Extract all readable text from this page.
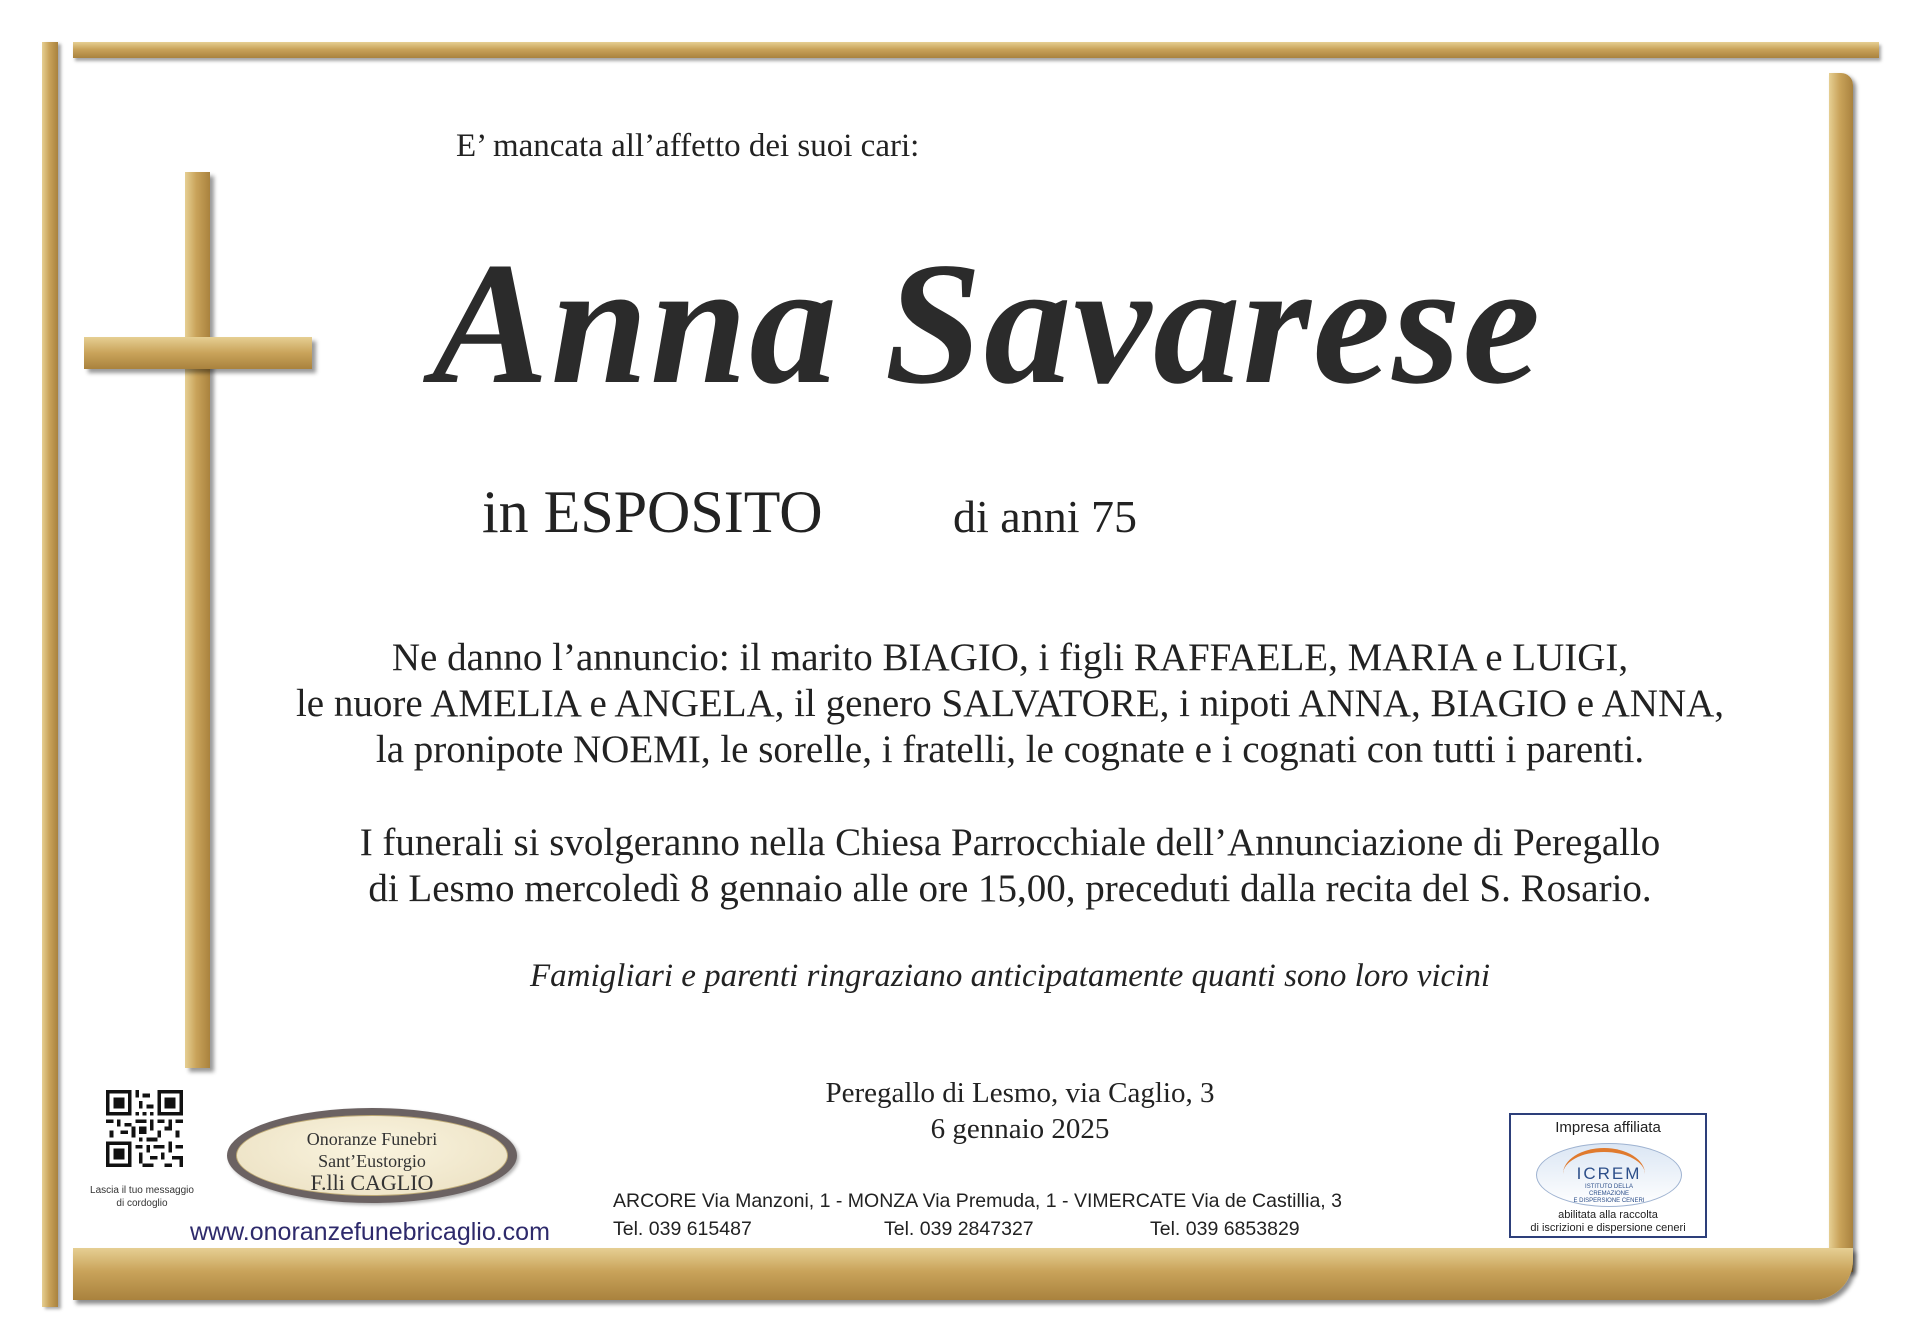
E’ mancata all’affetto dei suoi cari:
Anna Savarese
in ESPOSITO	di anni 75
Ne danno l’annuncio: il marito BIAGIO, i figli RAFFAELE, MARIA e LUIGI,
le nuore AMELIA e ANGELA, il genero SALVATORE, i nipoti ANNA, BIAGIO e ANNA,
la pronipote NOEMI, le sorelle, i fratelli, le cognate e i cognati con tutti i parenti.
I funerali si svolgeranno nella Chiesa Parrocchiale dell’Annunciazione di Peregallo
di Lesmo mercoledì 8 gennaio alle ore 15,00, preceduti dalla recita del S. Rosario.
Famigliari e parenti ringraziano anticipatamente quanti sono loro vicini
Peregallo di Lesmo, via Caglio, 3
6 gennaio 2025
Lascia il tuo messaggio
di cordoglio
Onoranze Funebri
Sant’Eustorgio
F.lli CAGLIO
www.onoranzefunebricaglio.com
ARCORE Via Manzoni, 1 - MONZA Via Premuda, 1 - VIMERCATE Via de Castillia, 3
Tel. 039 615487	Tel. 039 2847327	Tel. 039 6853829
Impresa affiliata
ICREM
ISTITUTO DELLA
CREMAZIONE
E DISPERSIONE CENERI
abilitata alla raccolta
di iscrizioni e dispersione ceneri
